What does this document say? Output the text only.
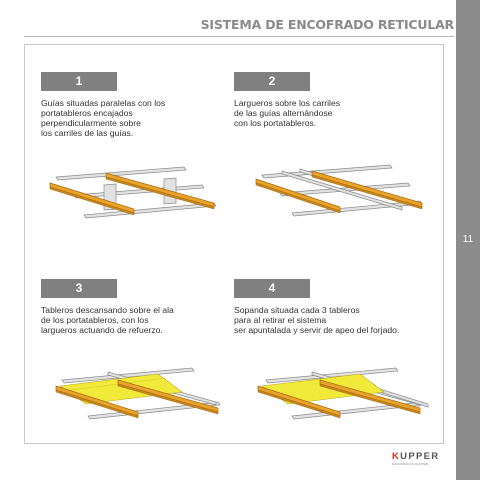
SISTEMA DE ENCOFRADO RETICULAR
11
1
Guías situadas paralelas con los
portatableros encajados
perpendicularmente sobre
los carriles de las guías.
2
Largueros sobre los carriles
de las guías alternándose
con los portatableros.
3
Tableros descansando sobre el ala
de los portatableros, con los
largueros actuando de refuerzo.
4
Sopanda situada cada 3 tableros
para al retirar el sistema
ser apuntalada y servir de apeo del forjado.
KUPPER
ENCOFRADOS KUPPER
